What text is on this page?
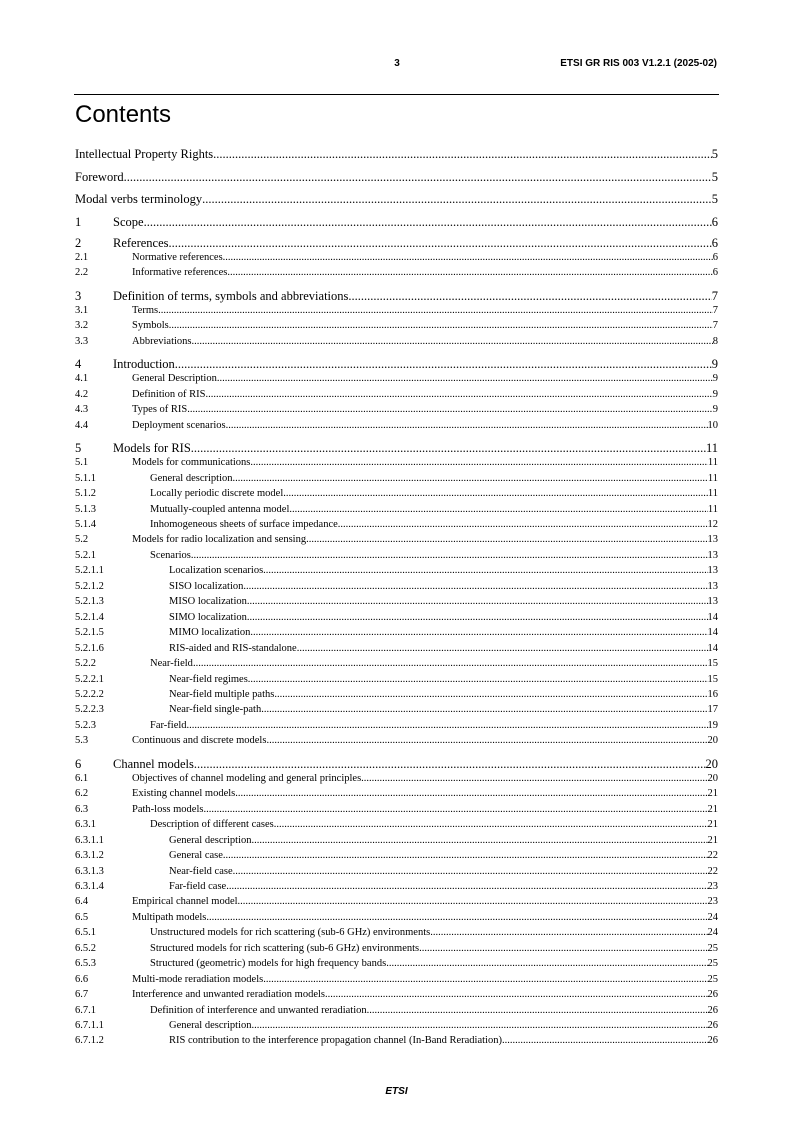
3	ETSI GR RIS 003 V1.2.1 (2025-02)
Contents
Intellectual Property Rights .....	5
Foreword .....	5
Modal verbs terminology .....	5
1	Scope .....	6
2	References .....	6
2.1	Normative references .....	6
2.2	Informative references .....	6
3	Definition of terms, symbols and abbreviations .....	7
3.1	Terms .....	7
3.2	Symbols .....	7
3.3	Abbreviations .....	8
4	Introduction .....	9
4.1	General Description .....	9
4.2	Definition of RIS .....	9
4.3	Types of RIS .....	9
4.4	Deployment scenarios .....	10
5	Models for RIS .....	11
5.1	Models for communications .....	11
5.1.1	General description .....	11
5.1.2	Locally periodic discrete model .....	11
5.1.3	Mutually-coupled antenna model .....	11
5.1.4	Inhomogeneous sheets of surface impedance .....	12
5.2	Models for radio localization and sensing .....	13
5.2.1	Scenarios .....	13
5.2.1.1	Localization scenarios .....	13
5.2.1.2	SISO localization .....	13
5.2.1.3	MISO localization .....	13
5.2.1.4	SIMO localization .....	14
5.2.1.5	MIMO localization .....	14
5.2.1.6	RIS-aided and RIS-standalone .....	14
5.2.2	Near-field .....	15
5.2.2.1	Near-field regimes .....	15
5.2.2.2	Near-field multiple paths .....	16
5.2.2.3	Near-field single-path .....	17
5.2.3	Far-field .....	19
5.3	Continuous and discrete models .....	20
6	Channel models .....	20
6.1	Objectives of channel modeling and general principles .....	20
6.2	Existing channel models .....	21
6.3	Path-loss models .....	21
6.3.1	Description of different cases .....	21
6.3.1.1	General description .....	21
6.3.1.2	General case .....	22
6.3.1.3	Near-field case .....	22
6.3.1.4	Far-field case .....	23
6.4	Empirical channel model .....	23
6.5	Multipath models .....	24
6.5.1	Unstructured models for rich scattering (sub-6 GHz) environments .....	24
6.5.2	Structured models for rich scattering (sub-6 GHz) environments .....	25
6.5.3	Structured (geometric) models for high frequency bands .....	25
6.6	Multi-mode reradiation models .....	25
6.7	Interference and unwanted reradiation models .....	26
6.7.1	Definition of interference and unwanted reradiation .....	26
6.7.1.1	General description .....	26
6.7.1.2	RIS contribution to the interference propagation channel (In-Band Reradiation) .....	26
ETSI
